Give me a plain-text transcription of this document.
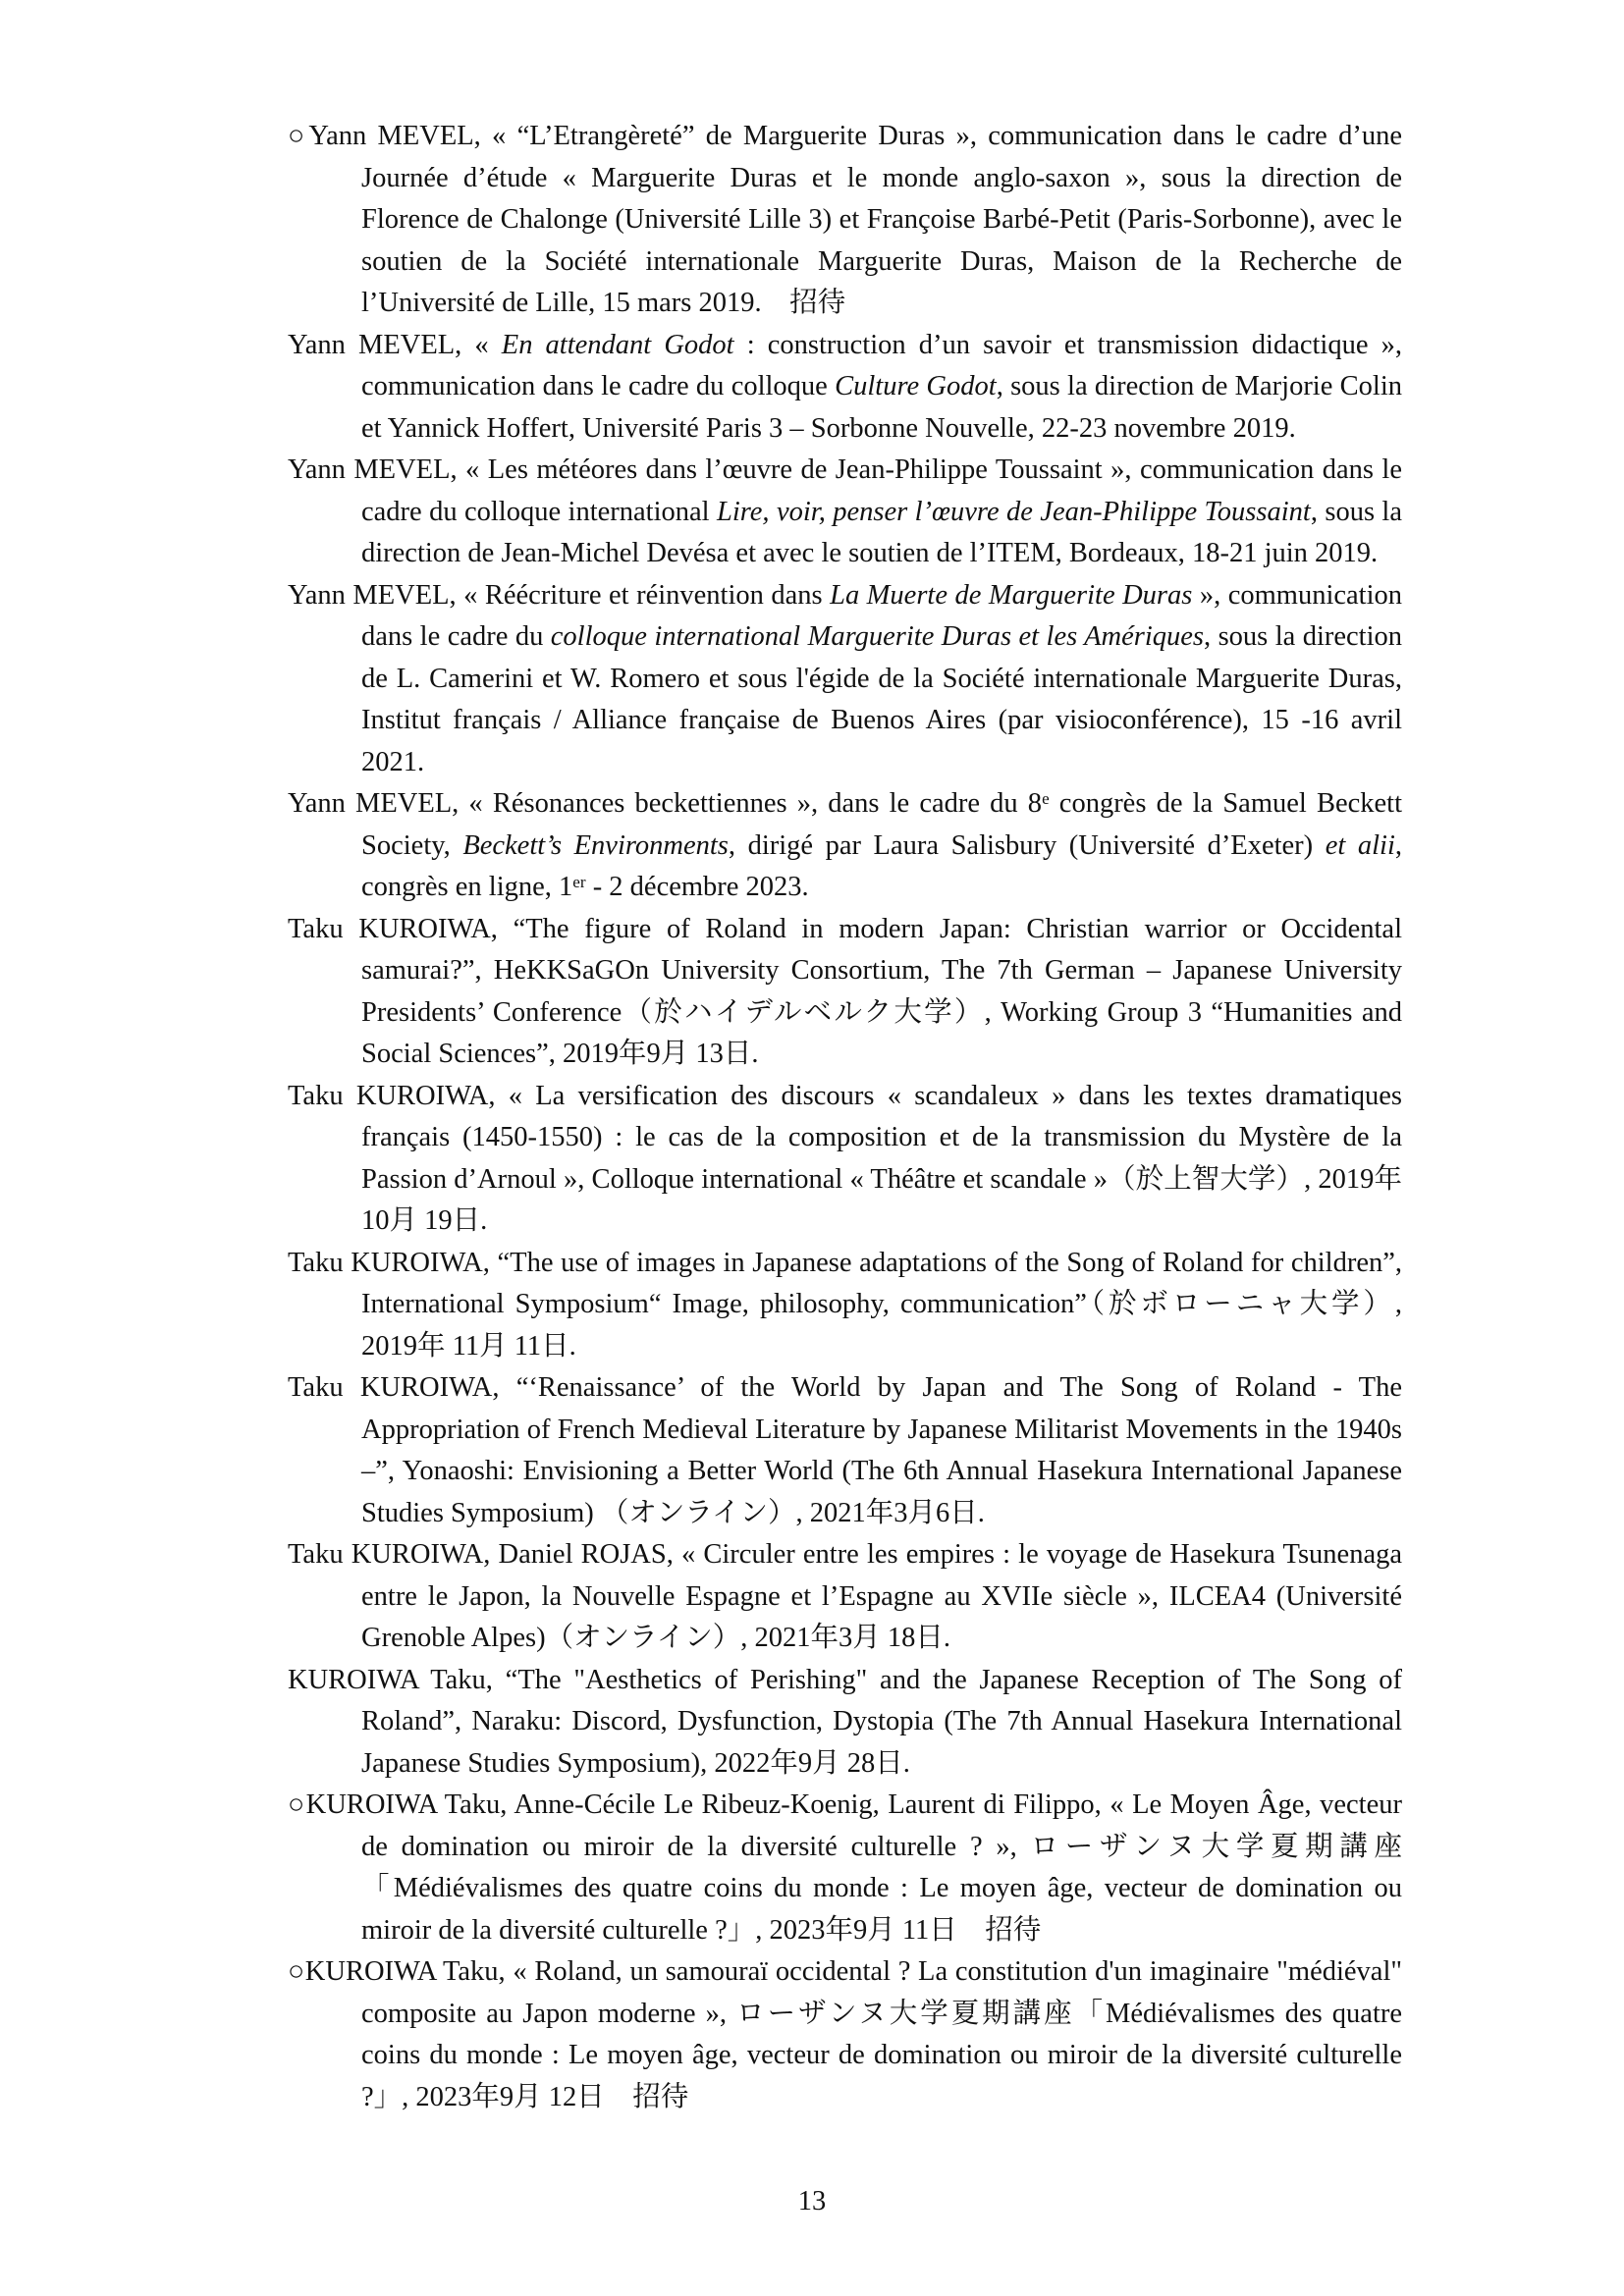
○Yann MEVEL, « “L’Etrangèreté” de Marguerite Duras », communication dans le cadre d’une Journée d’étude « Marguerite Duras et le monde anglo-saxon », sous la direction de Florence de Chalonge (Université Lille 3) et Françoise Barbé-Petit (Paris-Sorbonne), avec le soutien de la Société internationale Marguerite Duras, Maison de la Recherche de l’Université de Lille, 15 mars 2019.　招待

Yann MEVEL, « En attendant Godot : construction d’un savoir et transmission didactique », communication dans le cadre du colloque Culture Godot, sous la direction de Marjorie Colin et Yannick Hoffert, Université Paris 3 – Sorbonne Nouvelle, 22-23 novembre 2019.

Yann MEVEL, « Les météores dans l’œuvre de Jean-Philippe Toussaint », communication dans le cadre du colloque international Lire, voir, penser l’œuvre de Jean-Philippe Toussaint, sous la direction de Jean-Michel Devésa et avec le soutien de l’ITEM, Bordeaux, 18-21 juin 2019.

Yann MEVEL, « Réécriture et réinvention dans La Muerte de Marguerite Duras », communication dans le cadre du colloque international Marguerite Duras et les Amériques, sous la direction de L. Camerini et W. Romero et sous l'égide de la Société internationale Marguerite Duras, Institut français / Alliance française de Buenos Aires (par visioconférence), 15 -16 avril 2021.

Yann MEVEL, « Résonances beckettiennes », dans le cadre du 8e congrès de la Samuel Beckett Society, Beckett’s Environments, dirigé par Laura Salisbury (Université d’Exeter) et alii, congrès en ligne, 1er - 2 décembre 2023.

Taku KUROIWA, “The figure of Roland in modern Japan: Christian warrior or Occidental samurai?”, HeKKSaGOn University Consortium, The 7th German – Japanese University Presidents’ Conference（於ハイデルベルク大学）, Working Group 3 “Humanities and Social Sciences”, 2019年9月 13日.

Taku KUROIWA, « La versification des discours « scandaleux » dans les textes dramatiques français (1450-1550) : le cas de la composition et de la transmission du Mystère de la Passion d’Arnoul », Colloque international « Théâtre et scandale »（於上智大学）, 2019年 10月 19日.

Taku KUROIWA, “The use of images in Japanese adaptations of the Song of Roland for children”, International Symposium“ Image, philosophy, communication”（於ボローニャ大学）, 2019年 11月 11日.

Taku KUROIWA, “‘Renaissance’ of the World by Japan and The Song of Roland - The Appropriation of French Medieval Literature by Japanese Militarist Movements in the 1940s –”, Yonaoshi: Envisioning a Better World (The 6th Annual Hasekura International Japanese Studies Symposium) （オンライン）, 2021年3月6日.

Taku KUROIWA, Daniel ROJAS, « Circuler entre les empires : le voyage de Hasekura Tsunenaga entre le Japon, la Nouvelle Espagne et l’Espagne au XVIIe siècle », ILCEA4 (Université Grenoble Alpes)（オンライン）, 2021年3月 18日.

KUROIWA Taku, “The "Aesthetics of Perishing" and the Japanese Reception of The Song of Roland”, Naraku: Discord, Dysfunction, Dystopia (The 7th Annual Hasekura International Japanese Studies Symposium), 2022年9月 28日.

○KUROIWA Taku, Anne-Cécile Le Ribeuz-Koenig, Laurent di Filippo, « Le Moyen Âge, vecteur de domination ou miroir de la diversité culturelle ? », ローザンヌ大学夏期講座「Médiévalismes des quatre coins du monde : Le moyen âge, vecteur de domination ou miroir de la diversité culturelle ?」, 2023年9月 11日　招待

○KUROIWA Taku, « Roland, un samouraï occidental ? La constitution d'un imaginaire "médiéval" composite au Japon moderne », ローザンヌ大学夏期講座「Médiévalismes des quatre coins du monde : Le moyen âge, vecteur de domination ou miroir de la diversité culturelle ?」, 2023年9月 12日　招待

13
